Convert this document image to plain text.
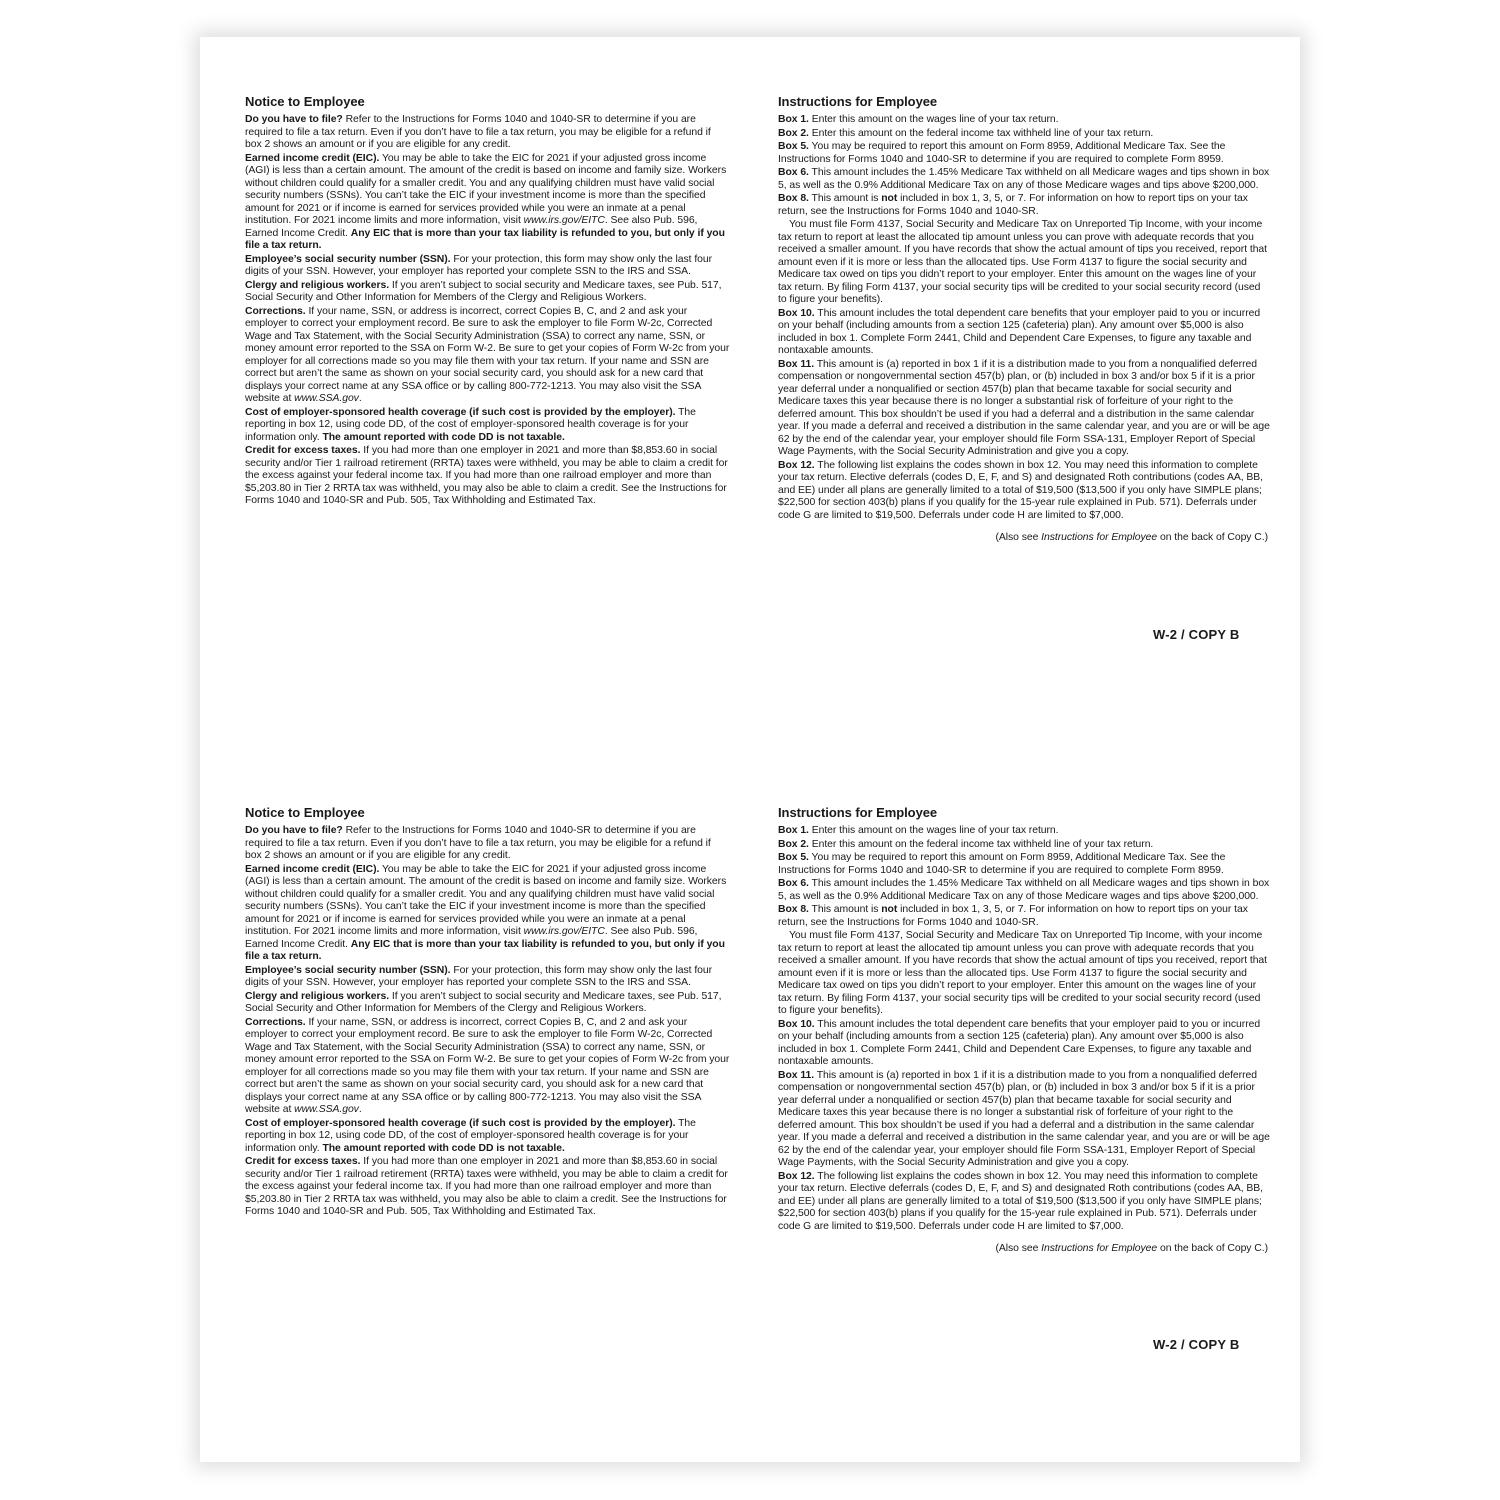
Notice to Employee

Do you have to file? Refer to the Instructions for Forms 1040 and 1040-SR to determine if you are required to file a tax return. Even if you don’t have to file a tax return, you may be eligible for a refund if box 2 shows an amount or if you are eligible for any credit.

Earned income credit (EIC). You may be able to take the EIC for 2021 if your adjusted gross income (AGI) is less than a certain amount. The amount of the credit is based on income and family size. Workers without children could qualify for a smaller credit. You and any qualifying children must have valid social security numbers (SSNs). You can’t take the EIC if your investment income is more than the specified amount for 2021 or if income is earned for services provided while you were an inmate at a penal institution. For 2021 income limits and more information, visit www.irs.gov/EITC. See also Pub. 596, Earned Income Credit. Any EIC that is more than your tax liability is refunded to you, but only if you file a tax return.

Employee’s social security number (SSN). For your protection, this form may show only the last four digits of your SSN. However, your employer has reported your complete SSN to the IRS and SSA.

Clergy and religious workers. If you aren’t subject to social security and Medicare taxes, see Pub. 517, Social Security and Other Information for Members of the Clergy and Religious Workers.

Corrections. If your name, SSN, or address is incorrect, correct Copies B, C, and 2 and ask your employer to correct your employment record. Be sure to ask the employer to file Form W-2c, Corrected Wage and Tax Statement, with the Social Security Administration (SSA) to correct any name, SSN, or money amount error reported to the SSA on Form W-2. Be sure to get your copies of Form W-2c from your employer for all corrections made so you may file them with your tax return. If your name and SSN are correct but aren’t the same as shown on your social security card, you should ask for a new card that displays your correct name at any SSA office or by calling 800-772-1213. You may also visit the SSA website at www.SSA.gov.

Cost of employer-sponsored health coverage (if such cost is provided by the employer). The reporting in box 12, using code DD, of the cost of employer-sponsored health coverage is for your information only. The amount reported with code DD is not taxable.

Credit for excess taxes. If you had more than one employer in 2021 and more than $8,853.60 in social security and/or Tier 1 railroad retirement (RRTA) taxes were withheld, you may be able to claim a credit for the excess against your federal income tax. If you had more than one railroad employer and more than $5,203.80 in Tier 2 RRTA tax was withheld, you may also be able to claim a credit. See the Instructions for Forms 1040 and 1040-SR and Pub. 505, Tax Withholding and Estimated Tax.

Instructions for Employee

Box 1. Enter this amount on the wages line of your tax return.

Box 2. Enter this amount on the federal income tax withheld line of your tax return.

Box 5. You may be required to report this amount on Form 8959, Additional Medicare Tax. See the Instructions for Forms 1040 and 1040-SR to determine if you are required to complete Form 8959.

Box 6. This amount includes the 1.45% Medicare Tax withheld on all Medicare wages and tips shown in box 5, as well as the 0.9% Additional Medicare Tax on any of those Medicare wages and tips above $200,000.

Box 8. This amount is not included in box 1, 3, 5, or 7. For information on how to report tips on your tax return, see the Instructions for Forms 1040 and 1040-SR.

You must file Form 4137, Social Security and Medicare Tax on Unreported Tip Income, with your income tax return to report at least the allocated tip amount unless you can prove with adequate records that you received a smaller amount. If you have records that show the actual amount of tips you received, report that amount even if it is more or less than the allocated tips. Use Form 4137 to figure the social security and Medicare tax owed on tips you didn’t report to your employer. Enter this amount on the wages line of your tax return. By filing Form 4137, your social security tips will be credited to your social security record (used to figure your benefits).

Box 10. This amount includes the total dependent care benefits that your employer paid to you or incurred on your behalf (including amounts from a section 125 (cafeteria) plan). Any amount over $5,000 is also included in box 1. Complete Form 2441, Child and Dependent Care Expenses, to figure any taxable and nontaxable amounts.

Box 11. This amount is (a) reported in box 1 if it is a distribution made to you from a nonqualified deferred compensation or nongovernmental section 457(b) plan, or (b) included in box 3 and/or box 5 if it is a prior year deferral under a nonqualified or section 457(b) plan that became taxable for social security and Medicare taxes this year because there is no longer a substantial risk of forfeiture of your right to the deferred amount. This box shouldn’t be used if you had a deferral and a distribution in the same calendar year. If you made a deferral and received a distribution in the same calendar year, and you are or will be age 62 by the end of the calendar year, your employer should file Form SSA-131, Employer Report of Special Wage Payments, with the Social Security Administration and give you a copy.

Box 12. The following list explains the codes shown in box 12. You may need this information to complete your tax return. Elective deferrals (codes D, E, F, and S) and designated Roth contributions (codes AA, BB, and EE) under all plans are generally limited to a total of $19,500 ($13,500 if you only have SIMPLE plans; $22,500 for section 403(b) plans if you qualify for the 15-year rule explained in Pub. 571). Deferrals under code G are limited to $19,500. Deferrals under code H are limited to $7,000.

(Also see Instructions for Employee on the back of Copy C.)

W-2 / COPY B
Notice to Employee

Do you have to file? Refer to the Instructions for Forms 1040 and 1040-SR to determine if you are required to file a tax return. Even if you don’t have to file a tax return, you may be eligible for a refund if box 2 shows an amount or if you are eligible for any credit.

Earned income credit (EIC). You may be able to take the EIC for 2021 if your adjusted gross income (AGI) is less than a certain amount. The amount of the credit is based on income and family size. Workers without children could qualify for a smaller credit. You and any qualifying children must have valid social security numbers (SSNs). You can’t take the EIC if your investment income is more than the specified amount for 2021 or if income is earned for services provided while you were an inmate at a penal institution. For 2021 income limits and more information, visit www.irs.gov/EITC. See also Pub. 596, Earned Income Credit. Any EIC that is more than your tax liability is refunded to you, but only if you file a tax return.

Employee’s social security number (SSN). For your protection, this form may show only the last four digits of your SSN. However, your employer has reported your complete SSN to the IRS and SSA.

Clergy and religious workers. If you aren’t subject to social security and Medicare taxes, see Pub. 517, Social Security and Other Information for Members of the Clergy and Religious Workers.

Corrections. If your name, SSN, or address is incorrect, correct Copies B, C, and 2 and ask your employer to correct your employment record. Be sure to ask the employer to file Form W-2c, Corrected Wage and Tax Statement, with the Social Security Administration (SSA) to correct any name, SSN, or money amount error reported to the SSA on Form W-2. Be sure to get your copies of Form W-2c from your employer for all corrections made so you may file them with your tax return. If your name and SSN are correct but aren’t the same as shown on your social security card, you should ask for a new card that displays your correct name at any SSA office or by calling 800-772-1213. You may also visit the SSA website at www.SSA.gov.

Cost of employer-sponsored health coverage (if such cost is provided by the employer). The reporting in box 12, using code DD, of the cost of employer-sponsored health coverage is for your information only. The amount reported with code DD is not taxable.

Credit for excess taxes. If you had more than one employer in 2021 and more than $8,853.60 in social security and/or Tier 1 railroad retirement (RRTA) taxes were withheld, you may be able to claim a credit for the excess against your federal income tax. If you had more than one railroad employer and more than $5,203.80 in Tier 2 RRTA tax was withheld, you may also be able to claim a credit. See the Instructions for Forms 1040 and 1040-SR and Pub. 505, Tax Withholding and Estimated Tax.

Instructions for Employee

Box 1. Enter this amount on the wages line of your tax return.

Box 2. Enter this amount on the federal income tax withheld line of your tax return.

Box 5. You may be required to report this amount on Form 8959, Additional Medicare Tax. See the Instructions for Forms 1040 and 1040-SR to determine if you are required to complete Form 8959.

Box 6. This amount includes the 1.45% Medicare Tax withheld on all Medicare wages and tips shown in box 5, as well as the 0.9% Additional Medicare Tax on any of those Medicare wages and tips above $200,000.

Box 8. This amount is not included in box 1, 3, 5, or 7. For information on how to report tips on your tax return, see the Instructions for Forms 1040 and 1040-SR.

You must file Form 4137, Social Security and Medicare Tax on Unreported Tip Income, with your income tax return to report at least the allocated tip amount unless you can prove with adequate records that you received a smaller amount. If you have records that show the actual amount of tips you received, report that amount even if it is more or less than the allocated tips. Use Form 4137 to figure the social security and Medicare tax owed on tips you didn’t report to your employer. Enter this amount on the wages line of your tax return. By filing Form 4137, your social security tips will be credited to your social security record (used to figure your benefits).

Box 10. This amount includes the total dependent care benefits that your employer paid to you or incurred on your behalf (including amounts from a section 125 (cafeteria) plan). Any amount over $5,000 is also included in box 1. Complete Form 2441, Child and Dependent Care Expenses, to figure any taxable and nontaxable amounts.

Box 11. This amount is (a) reported in box 1 if it is a distribution made to you from a nonqualified deferred compensation or nongovernmental section 457(b) plan, or (b) included in box 3 and/or box 5 if it is a prior year deferral under a nonqualified or section 457(b) plan that became taxable for social security and Medicare taxes this year because there is no longer a substantial risk of forfeiture of your right to the deferred amount. This box shouldn’t be used if you had a deferral and a distribution in the same calendar year. If you made a deferral and received a distribution in the same calendar year, and you are or will be age 62 by the end of the calendar year, your employer should file Form SSA-131, Employer Report of Special Wage Payments, with the Social Security Administration and give you a copy.

Box 12. The following list explains the codes shown in box 12. You may need this information to complete your tax return. Elective deferrals (codes D, E, F, and S) and designated Roth contributions (codes AA, BB, and EE) under all plans are generally limited to a total of $19,500 ($13,500 if you only have SIMPLE plans; $22,500 for section 403(b) plans if you qualify for the 15-year rule explained in Pub. 571). Deferrals under code G are limited to $19,500. Deferrals under code H are limited to $7,000.

(Also see Instructions for Employee on the back of Copy C.)

W-2 / COPY B
